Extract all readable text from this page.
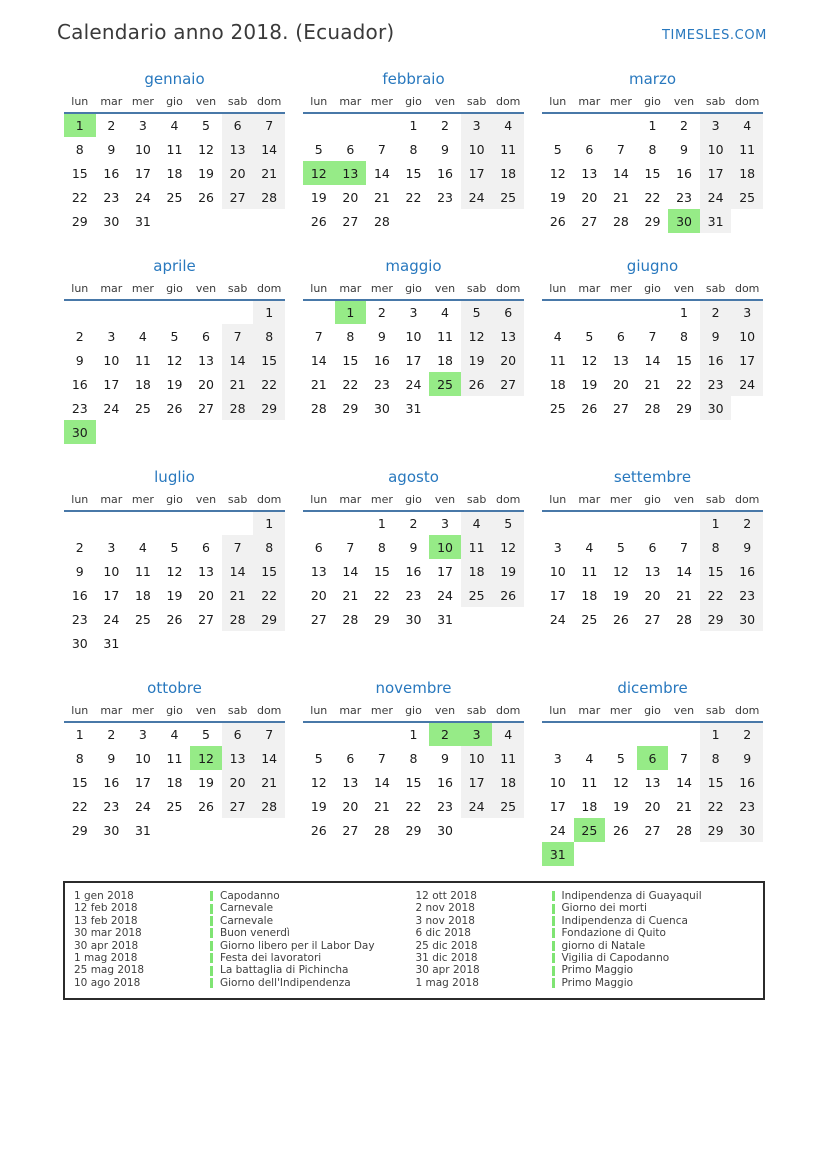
Calendario anno 2018. (Ecuador)	TIMESLES.COM
gennaio
lun	mar	mer	gio	ven	sab	dom
1	2	3	4	5	6	7
8	9	10	11	12	13	14
15	16	17	18	19	20	21
22	23	24	25	26	27	28
29	30	31				
febbraio
lun	mar	mer	gio	ven	sab	dom
			1	2	3	4
5	6	7	8	9	10	11
12	13	14	15	16	17	18
19	20	21	22	23	24	25
26	27	28				
marzo
lun	mar	mer	gio	ven	sab	dom
			1	2	3	4
5	6	7	8	9	10	11
12	13	14	15	16	17	18
19	20	21	22	23	24	25
26	27	28	29	30	31	
aprile
lun	mar	mer	gio	ven	sab	dom
						1
2	3	4	5	6	7	8
9	10	11	12	13	14	15
16	17	18	19	20	21	22
23	24	25	26	27	28	29
30						
maggio
lun	mar	mer	gio	ven	sab	dom
	1	2	3	4	5	6
7	8	9	10	11	12	13
14	15	16	17	18	19	20
21	22	23	24	25	26	27
28	29	30	31			
giugno
lun	mar	mer	gio	ven	sab	dom
				1	2	3
4	5	6	7	8	9	10
11	12	13	14	15	16	17
18	19	20	21	22	23	24
25	26	27	28	29	30	
luglio
lun	mar	mer	gio	ven	sab	dom
						1
2	3	4	5	6	7	8
9	10	11	12	13	14	15
16	17	18	19	20	21	22
23	24	25	26	27	28	29
30	31					
agosto
lun	mar	mer	gio	ven	sab	dom
		1	2	3	4	5
6	7	8	9	10	11	12
13	14	15	16	17	18	19
20	21	22	23	24	25	26
27	28	29	30	31		
settembre
lun	mar	mer	gio	ven	sab	dom
					1	2
3	4	5	6	7	8	9
10	11	12	13	14	15	16
17	18	19	20	21	22	23
24	25	26	27	28	29	30
ottobre
lun	mar	mer	gio	ven	sab	dom
1	2	3	4	5	6	7
8	9	10	11	12	13	14
15	16	17	18	19	20	21
22	23	24	25	26	27	28
29	30	31				
novembre
lun	mar	mer	gio	ven	sab	dom
			1	2	3	4
5	6	7	8	9	10	11
12	13	14	15	16	17	18
19	20	21	22	23	24	25
26	27	28	29	30		
dicembre
lun	mar	mer	gio	ven	sab	dom
					1	2
3	4	5	6	7	8	9
10	11	12	13	14	15	16
17	18	19	20	21	22	23
24	25	26	27	28	29	30
31						
1 gen 2018	Capodanno
12 feb 2018	Carnevale
13 feb 2018	Carnevale
30 mar 2018	Buon venerdì
30 apr 2018	Giorno libero per il Labor Day
1 mag 2018	Festa dei lavoratori
25 mag 2018	La battaglia di Pichincha
10 ago 2018	Giorno dell'Indipendenza
12 ott 2018	Indipendenza di Guayaquil
2 nov 2018	Giorno dei morti
3 nov 2018	Indipendenza di Cuenca
6 dic 2018	Fondazione di Quito
25 dic 2018	giorno di Natale
31 dic 2018	Vigilia di Capodanno
30 apr 2018	Primo Maggio
1 mag 2018	Primo Maggio
